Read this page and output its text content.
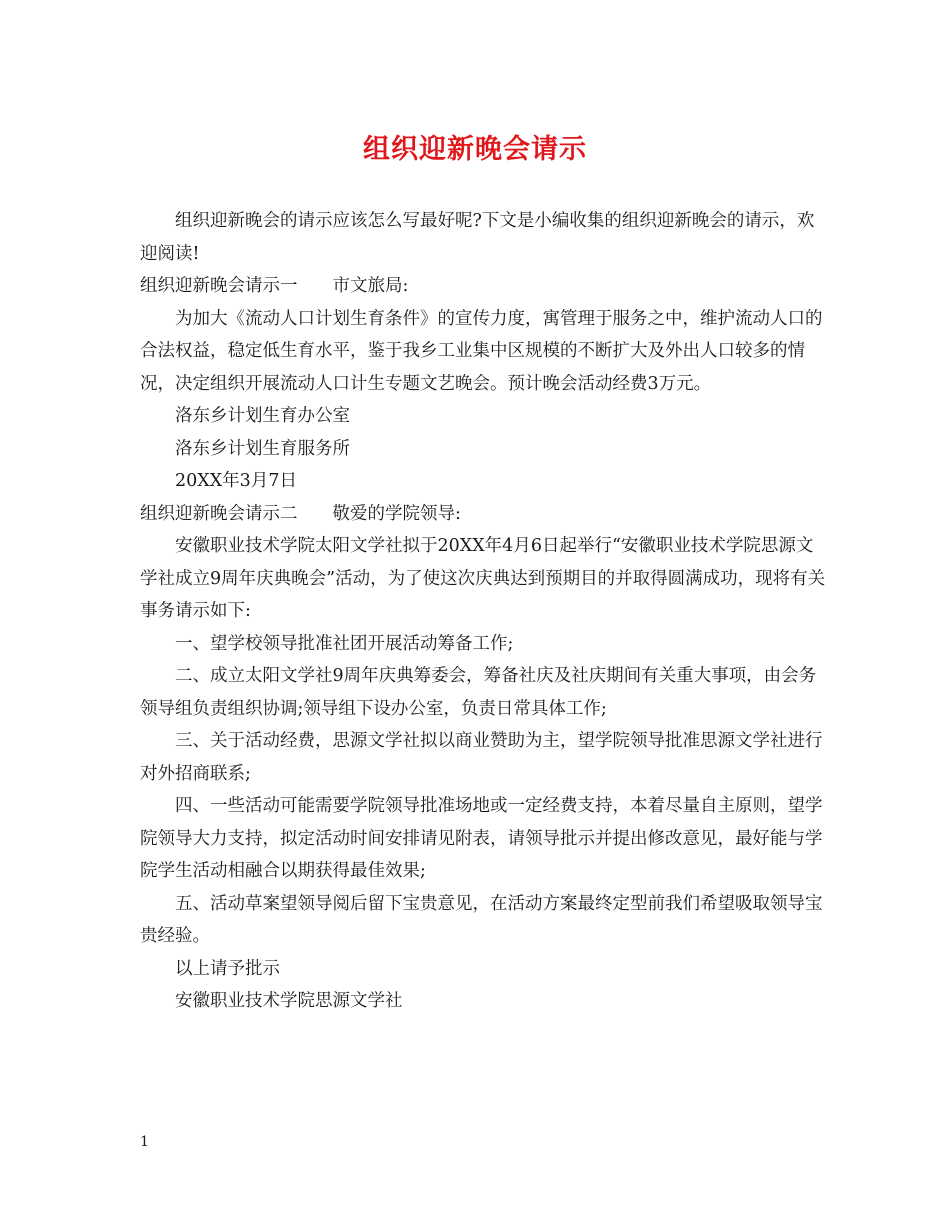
组织迎新晚会请示

组织迎新晚会的请示应该怎么写最好呢?下文是小编收集的组织迎新晚会的请示，欢迎阅读!

组织迎新晚会请示一 市文旅局:

为加大《流动人口计划生育条件》的宣传力度，寓管理于服务之中，维护流动人口的合法权益，稳定低生育水平，鉴于我乡工业集中区规模的不断扩大及外出人口较多的情况，决定组织开展流动人口计生专题文艺晚会。预计晚会活动经费3万元。

洛东乡计划生育办公室

洛东乡计划生育服务所

20XX年3月7日

组织迎新晚会请示二 敬爱的学院领导:

安徽职业技术学院太阳文学社拟于20XX年4月6日起举行“安徽职业技术学院思源文学社成立9周年庆典晚会”活动，为了使这次庆典达到预期目的并取得圆满成功，现将有关事务请示如下:

一、望学校领导批准社团开展活动筹备工作;

二、成立太阳文学社9周年庆典筹委会，筹备社庆及社庆期间有关重大事项，由会务领导组负责组织协调;领导组下设办公室，负责日常具体工作;

三、关于活动经费，思源文学社拟以商业赞助为主，望学院领导批准思源文学社进行对外招商联系;

四、一些活动可能需要学院领导批准场地或一定经费支持，本着尽量自主原则，望学院领导大力支持，拟定活动时间安排请见附表，请领导批示并提出修改意见，最好能与学院学生活动相融合以期获得最佳效果;

五、活动草案望领导阅后留下宝贵意见，在活动方案最终定型前我们希望吸取领导宝贵经验。

以上请予批示

安徽职业技术学院思源文学社

1
